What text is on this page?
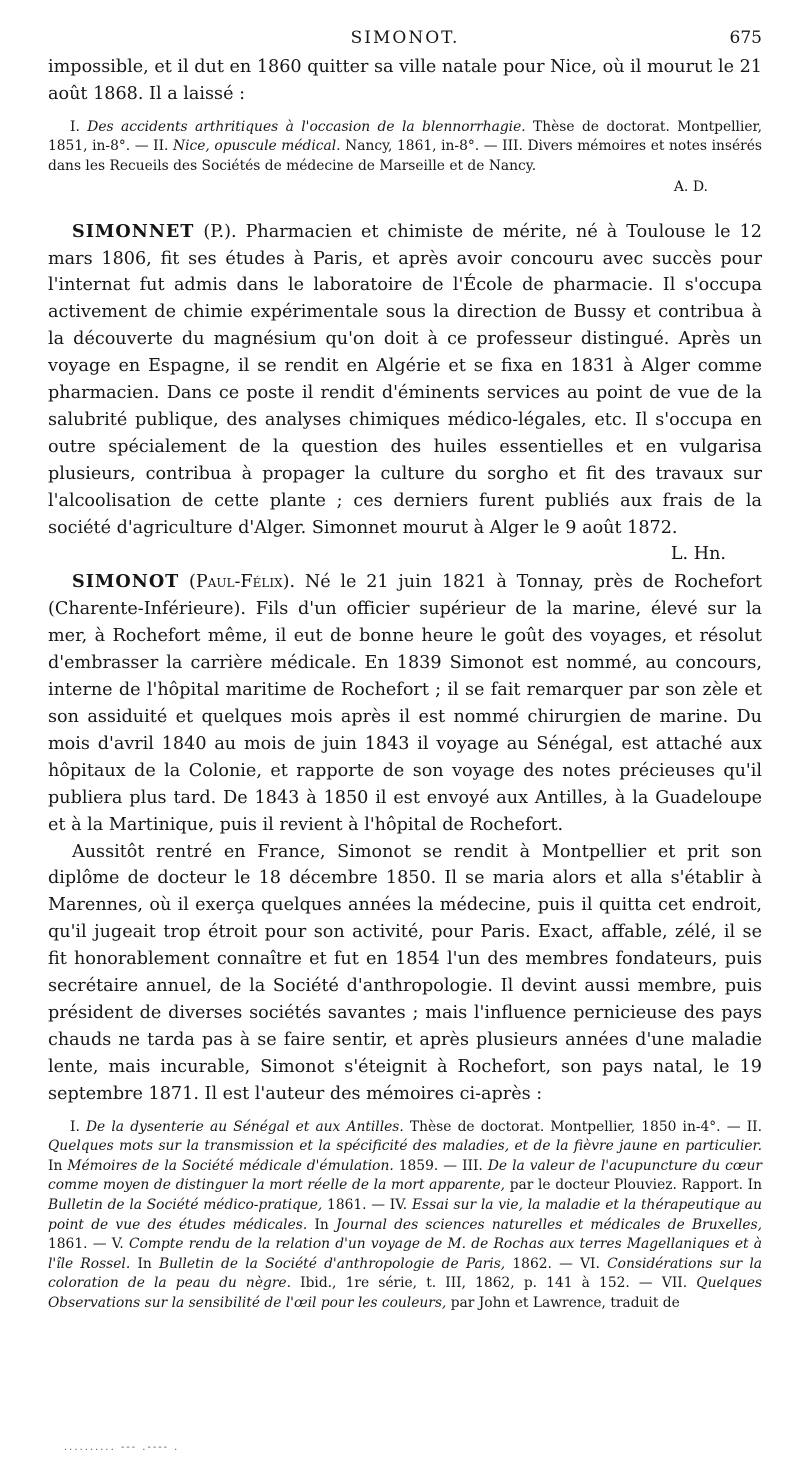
SIMONOT.	675

impossible, et il dut en 1860 quitter sa ville natale pour Nice, où il mourut le 21 août 1868. Il a laissé :

I. Des accidents arthritiques à l'occasion de la blennorrhagie. Thèse de doctorat. Montpellier, 1851, in-8°. — II. Nice, opuscule médical. Nancy, 1861, in-8°. — III. Divers mémoires et notes insérés dans les Recueils des Sociétés de médecine de Marseille et de Nancy.

A. D.

SIMONNET (P.). Pharmacien et chimiste de mérite, né à Toulouse le 12 mars 1806, fit ses études à Paris, et après avoir concouru avec succès pour l'internat fut admis dans le laboratoire de l'École de pharmacie. Il s'occupa activement de chimie expérimentale sous la direction de Bussy et contribua à la découverte du magnésium qu'on doit à ce professeur distingué. Après un voyage en Espagne, il se rendit en Algérie et se fixa en 1831 à Alger comme pharmacien. Dans ce poste il rendit d'éminents services au point de vue de la salubrité publique, des analyses chimiques médico-légales, etc. Il s'occupa en outre spécialement de la question des huiles essentielles et en vulgarisa plusieurs, contribua à propager la culture du sorgho et fit des travaux sur l'alcoolisation de cette plante ; ces derniers furent publiés aux frais de la société d'agriculture d'Alger. Simonnet mourut à Alger le 9 août 1872.
L. Hn.

SIMONOT (Paul-Félix). Né le 21 juin 1821 à Tonnay, près de Rochefort (Charente-Inférieure). Fils d'un officier supérieur de la marine, élevé sur la mer, à Rochefort même, il eut de bonne heure le goût des voyages, et résolut d'embrasser la carrière médicale. En 1839 Simonot est nommé, au concours, interne de l'hôpital maritime de Rochefort ; il se fait remarquer par son zèle et son assiduité et quelques mois après il est nommé chirurgien de marine. Du mois d'avril 1840 au mois de juin 1843 il voyage au Sénégal, est attaché aux hôpitaux de la Colonie, et rapporte de son voyage des notes précieuses qu'il publiera plus tard. De 1843 à 1850 il est envoyé aux Antilles, à la Guadeloupe et à la Martinique, puis il revient à l'hôpital de Rochefort.

Aussitôt rentré en France, Simonot se rendit à Montpellier et prit son diplôme de docteur le 18 décembre 1850. Il se maria alors et alla s'établir à Marennes, où il exerça quelques années la médecine, puis il quitta cet endroit, qu'il jugeait trop étroit pour son activité, pour Paris. Exact, affable, zélé, il se fit honorablement connaître et fut en 1854 l'un des membres fondateurs, puis secrétaire annuel, de la Société d'anthropologie. Il devint aussi membre, puis président de diverses sociétés savantes ; mais l'influence pernicieuse des pays chauds ne tarda pas à se faire sentir, et après plusieurs années d'une maladie lente, mais incurable, Simonot s'éteignit à Rochefort, son pays natal, le 19 septembre 1871. Il est l'auteur des mémoires ci-après :

I. De la dysenterie au Sénégal et aux Antilles. Thèse de doctorat. Montpellier, 1850 in-4°. — II. Quelques mots sur la transmission et la spécificité des maladies, et de la fièvre jaune en particulier. In Mémoires de la Société médicale d'émulation. 1859. — III. De la valeur de l'acupuncture du cœur comme moyen de distinguer la mort réelle de la mort apparente, par le docteur Plouviez. Rapport. In Bulletin de la Société médico-pratique, 1861. — IV. Essai sur la vie, la maladie et la thérapeutique au point de vue des études médicales. In Journal des sciences naturelles et médicales de Bruxelles, 1861. — V. Compte rendu de la relation d'un voyage de M. de Rochas aux terres Magellaniques et à l'île Rossel. In Bulletin de la Société d'anthropologie de Paris, 1862. — VI. Considérations sur la coloration de la peau du nègre. Ibid., 1re série, t. III, 1862, p. 141 à 152. — VII. Quelques Observations sur la sensibilité de l'œil pour les couleurs, par John et Lawrence, traduit de

.......... --- .---- .
